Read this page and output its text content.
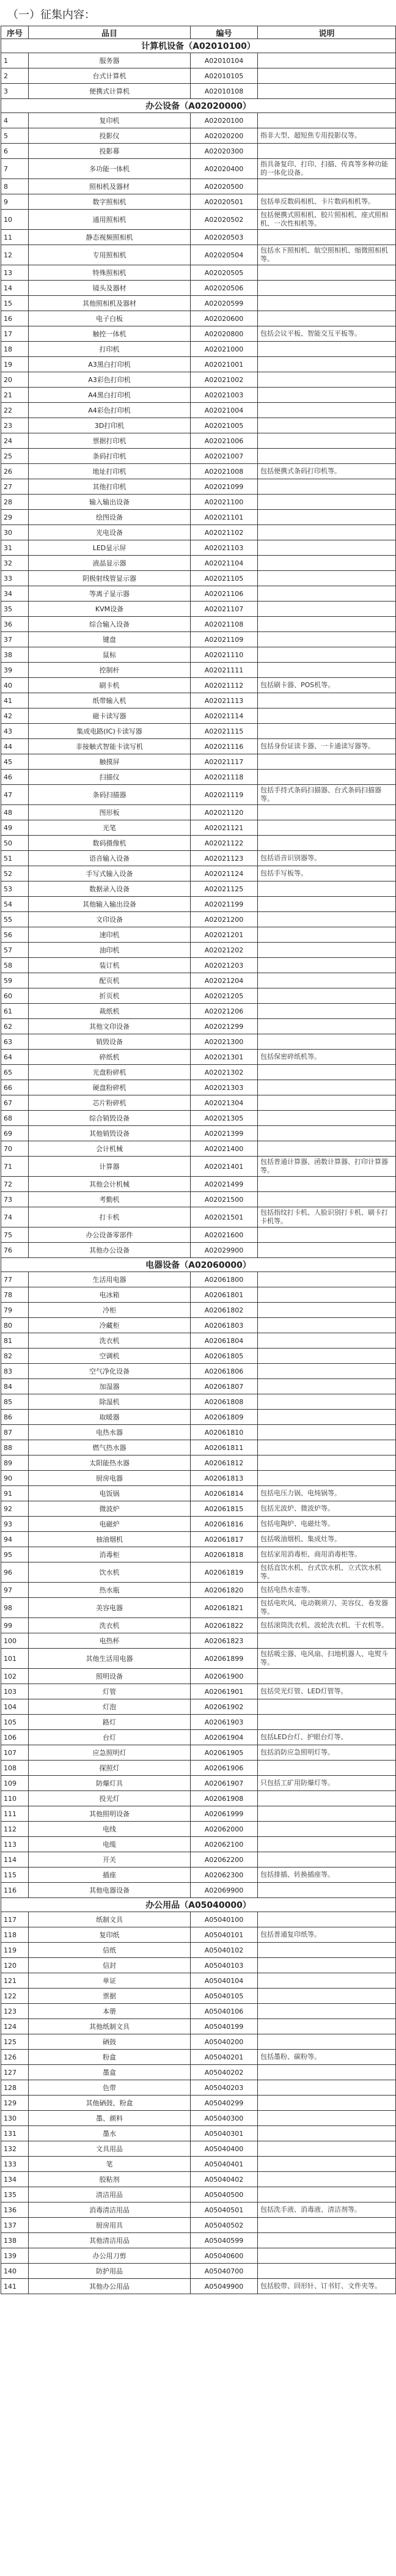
（一）征集内容：
序号	品目	编号	说明
计算机设备（A02010100）			
1	服务器	A02010104	
2	台式计算机	A02010105	
3	便携式计算机	A02010108	
办公设备（A02020000）			
4	复印机	A02020100	
5	投影仪	A02020200	指非大型、超短焦专用投影仪等。
6	投影幕	A02020300	
7	多功能一体机	A02020400	指具备复印、打印、扫描、传真等多种功能的一体化设备。
8	照相机及器材	A02020500	
9	数字照相机	A02020501	包括单反数码相机、卡片数码相机等。
10	通用照相机	A02020502	包括便携式照相机、胶片照相机、座式照相机、一次性相机等。
11	静态视频照相机	A02020503	
12	专用照相机	A02020504	包括水下照相机、航空照相机、缩微照相机等。
13	特殊照相机	A02020505	
14	镜头及器材	A02020506	
15	其他照相机及器材	A02020599	
16	电子白板	A02020600	
17	触控一体机	A02020800	包括会议平板、智能交互平板等。
18	打印机	A02021000	
19	A3黑白打印机	A02021001	
20	A3彩色打印机	A02021002	
21	A4黑白打印机	A02021003	
22	A4彩色打印机	A02021004	
23	3D打印机	A02021005	
24	票据打印机	A02021006	
25	条码打印机	A02021007	
26	地址打印机	A02021008	包括便携式条码打印机等。
27	其他打印机	A02021099	
28	输入输出设备	A02021100	
29	绘图设备	A02021101	
30	光电设备	A02021102	
31	LED显示屏	A02021103	
32	液晶显示器	A02021104	
33	阴极射线管显示器	A02021105	
34	等离子显示器	A02021106	
35	KVM设备	A02021107	
36	综合输入设备	A02021108	
37	键盘	A02021109	
38	鼠标	A02021110	
39	控制杆	A02021111	
40	刷卡机	A02021112	包括刷卡器、POS机等。
41	纸带输入机	A02021113	
42	磁卡读写器	A02021114	
43	集成电路(IC)卡读写器	A02021115	
44	非接触式智能卡读写机	A02021116	包括身份证读卡器、一卡通读写器等。
45	触摸屏	A02021117	
46	扫描仪	A02021118	
47	条码扫描器	A02021119	包括手持式条码扫描器、台式条码扫描器等。
48	图形板	A02021120	
49	光笔	A02021121	
50	数码摄像机	A02021122	
51	语音输入设备	A02021123	包括语音识别器等。
52	手写式输入设备	A02021124	包括手写板等。
53	数据录入设备	A02021125	
54	其他输入输出设备	A02021199	
55	文印设备	A02021200	
56	速印机	A02021201	
57	油印机	A02021202	
58	装订机	A02021203	
59	配页机	A02021204	
60	折页机	A02021205	
61	裁纸机	A02021206	
62	其他文印设备	A02021299	
63	销毁设备	A02021300	
64	碎纸机	A02021301	包括保密碎纸机等。
65	光盘粉碎机	A02021302	
66	硬盘粉碎机	A02021303	
67	芯片粉碎机	A02021304	
68	综合销毁设备	A02021305	
69	其他销毁设备	A02021399	
70	会计机械	A02021400	
71	计算器	A02021401	包括普通计算器、函数计算器、打印计算器等。
72	其他会计机械	A02021499	
73	考勤机	A02021500	
74	打卡机	A02021501	包括指纹打卡机、人脸识别打卡机、刷卡打卡机等。
75	办公设备零部件	A02021600	
76	其他办公设备	A02029900	
电器设备（A02060000）			
77	生活用电器	A02061800	
78	电冰箱	A02061801	
79	冷柜	A02061802	
80	冷藏柜	A02061803	
81	洗衣机	A02061804	
82	空调机	A02061805	
83	空气净化设备	A02061806	
84	加湿器	A02061807	
85	除湿机	A02061808	
86	取暖器	A02061809	
87	电热水器	A02061810	
88	燃气热水器	A02061811	
89	太阳能热水器	A02061812	
90	厨房电器	A02061813	
91	电饭锅	A02061814	包括电压力锅、电炖锅等。
92	微波炉	A02061815	包括光波炉、微波炉等。
93	电磁炉	A02061816	包括电陶炉、电磁灶等。
94	抽油烟机	A02061817	包括吸油烟机、集成灶等。
95	消毒柜	A02061818	包括家用消毒柜、商用消毒柜等。
96	饮水机	A02061819	包括直饮水机、台式饮水机、立式饮水机等。
97	热水瓶	A02061820	包括电热水壶等。
98	美容电器	A02061821	包括电吹风、电动剃须刀、美容仪、卷发器等。
99	洗衣机	A02061822	包括滚筒洗衣机、波轮洗衣机、干衣机等。
100	电热杯	A02061823	
101	其他生活用电器	A02061899	包括吸尘器、电风扇、扫地机器人、电熨斗等。
102	照明设备	A02061900	
103	灯管	A02061901	包括荧光灯管、LED灯管等。
104	灯泡	A02061902	
105	路灯	A02061903	
106	台灯	A02061904	包括LED台灯、护眼台灯等。
107	应急照明灯	A02061905	包括消防应急照明灯等。
108	探照灯	A02061906	
109	防爆灯具	A02061907	只包括工矿用防爆灯等。
110	投光灯	A02061908	
111	其他照明设备	A02061999	
112	电线	A02062000	
113	电缆	A02062100	
114	开关	A02062200	
115	插座	A02062300	包括排插、转换插座等。
116	其他电器设备	A02069900	
办公用品（A05040000）			
117	纸制文具	A05040100	
118	复印纸	A05040101	包括普通复印纸等。
119	信纸	A05040102	
120	信封	A05040103	
121	单证	A05040104	
122	票据	A05040105	
123	本册	A05040106	
124	其他纸制文具	A05040199	
125	硒鼓	A05040200	
126	粉盒	A05040201	包括墨粉、碳粉等。
127	墨盒	A05040202	
128	色带	A05040203	
129	其他硒鼓、粉盒	A05040299	
130	墨、颜料	A05040300	
131	墨水	A05040301	
132	文具用品	A05040400	
133	笔	A05040401	
134	胶粘剂	A05040402	
135	清洁用品	A05040500	
136	消毒清洁用品	A05040501	包括洗手液、消毒液、清洁剂等。
137	厨房用具	A05040502	
138	其他清洁用品	A05040599	
139	办公用刀剪	A05040600	
140	防护用品	A05040700	
141	其他办公用品	A05049900	包括胶带、回形针、订书钉、文件夹等。
